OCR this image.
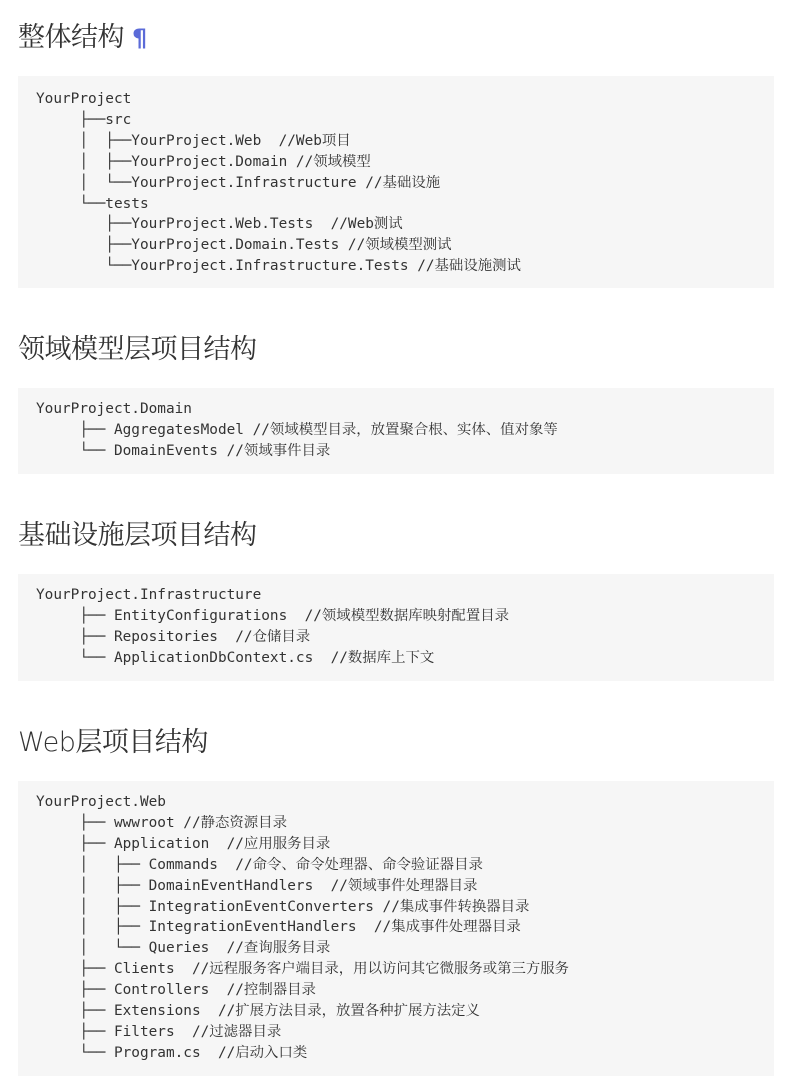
整体结构 ¶
YourProject
├──src
│  ├──YourProject.Web  //Web项目
│  ├──YourProject.Domain //领域模型
│  └──YourProject.Infrastructure //基础设施
└──tests
├──YourProject.Web.Tests  //Web测试
├──YourProject.Domain.Tests //领域模型测试
└──YourProject.Infrastructure.Tests //基础设施测试
领域模型层项目结构
YourProject.Domain
├── AggregatesModel //领域模型目录，放置聚合根、实体、值对象等
└── DomainEvents //领域事件目录
基础设施层项目结构
YourProject.Infrastructure
├── EntityConfigurations  //领域模型数据库映射配置目录
├── Repositories  //仓储目录
└── ApplicationDbContext.cs  //数据库上下文
Web层项目结构
YourProject.Web
├── wwwroot //静态资源目录
├── Application  //应用服务目录
│   ├── Commands  //命令、命令处理器、命令验证器目录
│   ├── DomainEventHandlers  //领域事件处理器目录
│   ├── IntegrationEventConverters //集成事件转换器目录
│   ├── IntegrationEventHandlers  //集成事件处理器目录
│   └── Queries  //查询服务目录
├── Clients  //远程服务客户端目录，用以访问其它微服务或第三方服务
├── Controllers  //控制器目录
├── Extensions  //扩展方法目录，放置各种扩展方法定义
├── Filters  //过滤器目录
└── Program.cs  //启动入口类
